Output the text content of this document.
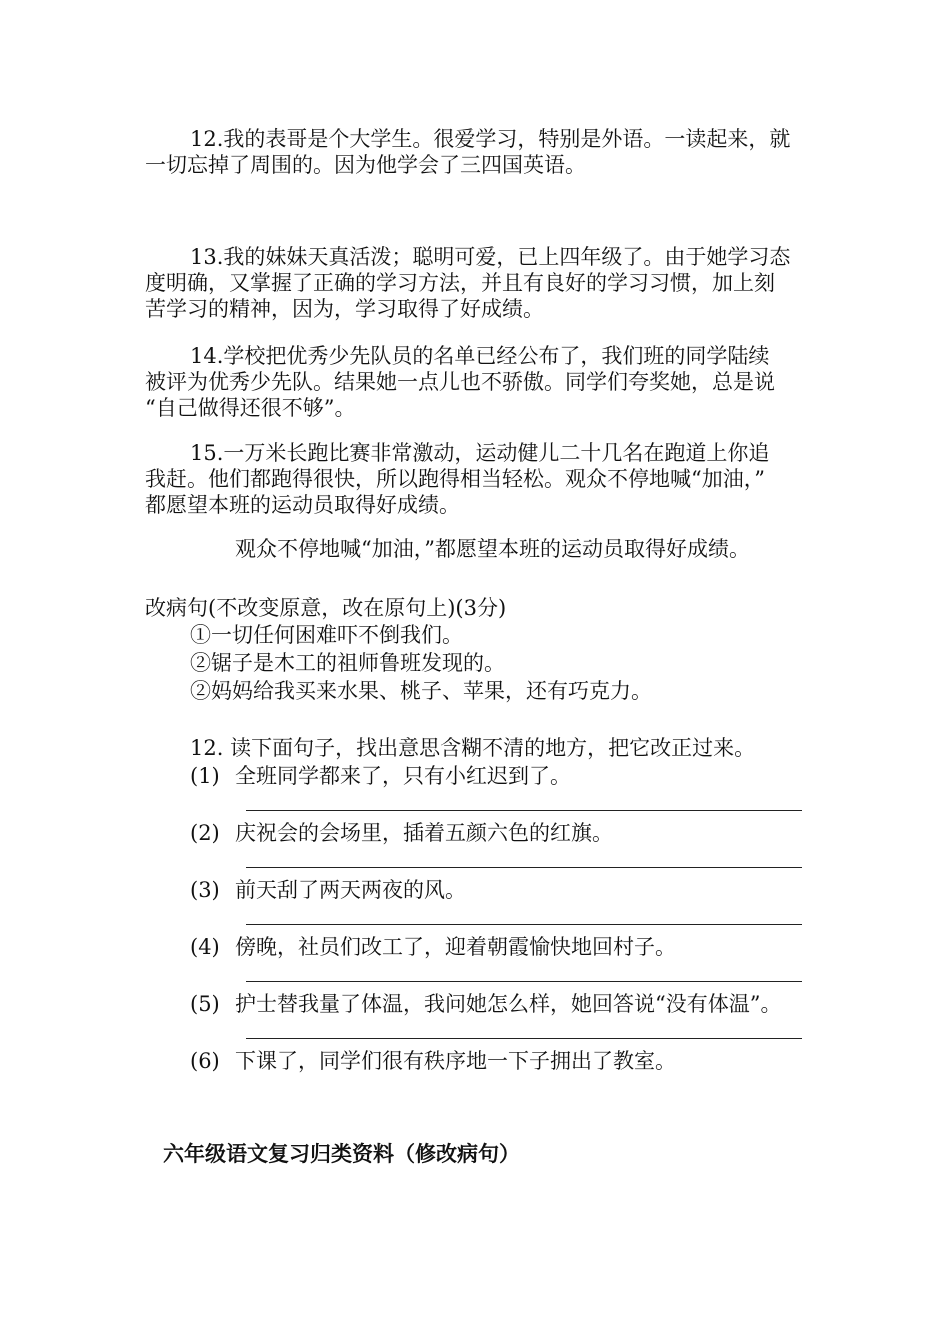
12.我的表哥是个大学生。很爱学习，特别是外语。一读起来，就
一切忘掉了周围的。因为他学会了三四国英语。
13.我的妹妹天真活泼；聪明可爱，已上四年级了。由于她学习态
度明确，又掌握了正确的学习方法，并且有良好的学习习惯，加上刻
苦学习的精神，因为，学习取得了好成绩。
14.学校把优秀少先队员的名单已经公布了，我们班的同学陆续
被评为优秀少先队。结果她一点儿也不骄傲。同学们夸奖她，总是说
“自己做得还很不够”。
15.一万米长跑比赛非常激动，运动健儿二十几名在跑道上你追
我赶。他们都跑得很快，所以跑得相当轻松。观众不停地喊“加油，”
都愿望本班的运动员取得好成绩。
观众不停地喊“加油，”都愿望本班的运动员取得好成绩。
改病句(不改变原意，改在原句上)(3分)
①一切任何困难吓不倒我们。
②锯子是木工的祖师鲁班发现的。
②妈妈给我买来水果、桃子、苹果，还有巧克力。
12. 读下面句子，找出意思含糊不清的地方，把它改正过来。
(1) 全班同学都来了，只有小红迟到了。
(2) 庆祝会的会场里，插着五颜六色的红旗。
(3) 前天刮了两天两夜的风。
(4) 傍晚，社员们改工了，迎着朝霞愉快地回村子。
(5) 护士替我量了体温，我问她怎么样，她回答说“没有体温”。
(6) 下课了，同学们很有秩序地一下子拥出了教室。
六年级语文复习归类资料（修改病句）
